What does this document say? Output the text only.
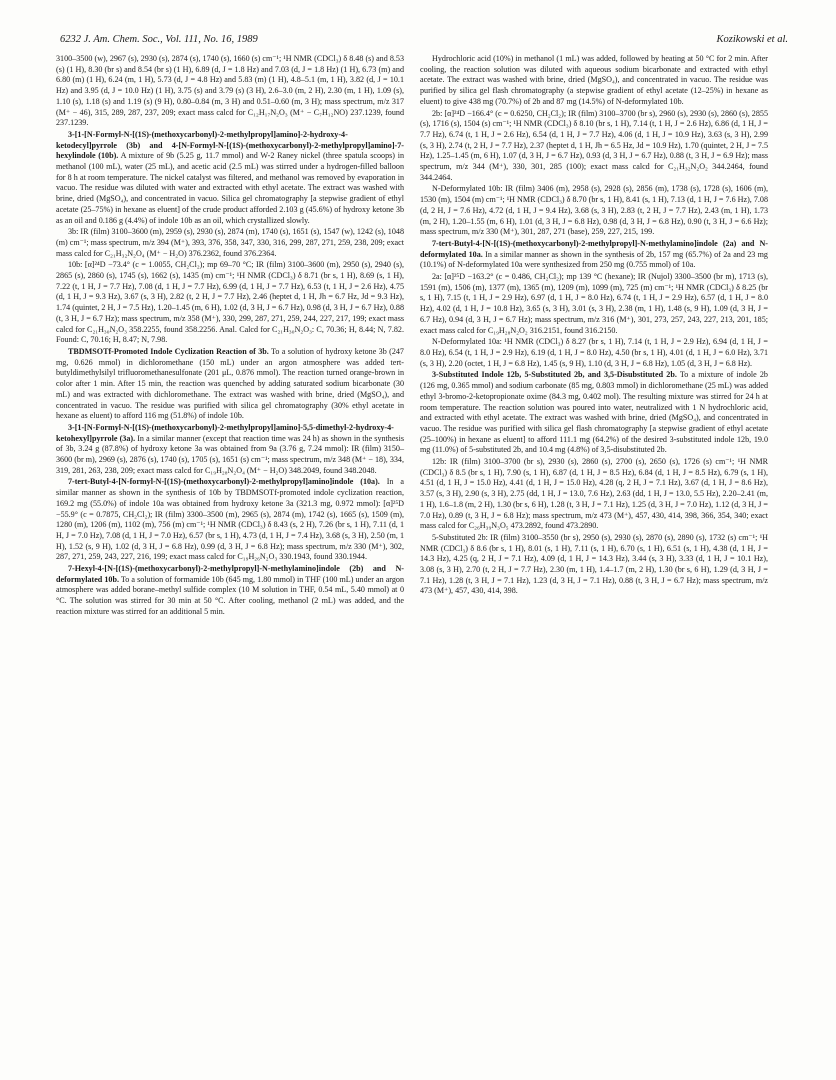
6232 J. Am. Chem. Soc., Vol. 111, No. 16, 1989	Kozikowski et al.

3100–3500 (w), 2967 (s), 2930 (s), 2874 (s), 1740 (s), 1660 (s) cm⁻¹; ¹H NMR (CDCl₃) δ 8.48 (s) and 8.53 (s) (1 H), 8.30 (br s) and 8.54 (br s) (1 H), 6.89 (d, J = 1.8 Hz) and 7.03 (d, J = 1.8 Hz) (1 H), 6.73 (m) and 6.80 (m) (1 H), 6.24 (m, 1 H), 5.73 (d, J = 4.8 Hz) and 5.83 (m) (1 H), 4.8–5.1 (m, 1 H), 3.82 (d, J = 10.1 Hz) and 3.95 (d, J = 10.0 Hz) (1 H), 3.75 (s) and 3.79 (s) (3 H), 2.6–3.0 (m, 2 H), 2.30 (m, 1 H), 1.09 (s), 1.10 (s), 1.18 (s) and 1.19 (s) (9 H), 0.80–0.84 (m, 3 H) and 0.51–0.60 (m, 3 H); mass spectrum, m/z 317 (M⁺ − 46), 315, 289, 287, 237, 209; exact mass calcd for C₁₂H₁₇N₂O₃ (M⁺ − C₇H₁₂NO) 237.1239, found 237.1239.

3-[1-[N-Formyl-N-[(1S)-(methoxycarbonyl)-2-methylpropyl]amino]-2-hydroxy-4-ketodecyl]pyrrole (3b) and 4-[N-Formyl-N-[(1S)-(methoxycarbonyl)-2-methylpropyl]amino]-7-hexylindole (10b). A mixture of 9b (5.25 g, 11.7 mmol) and W-2 Raney nickel (three spatula scoops) in methanol (100 mL), water (25 mL), and acetic acid (2.5 mL) was stirred under a hydrogen-filled balloon for 8 h at room temperature. The nickel catalyst was filtered, and methanol was removed by evaporation in vacuo. The residue was diluted with water and extracted with ethyl acetate. The extract was washed with brine, dried (MgSO₄), and concentrated in vacuo. Silica gel chromatography [a stepwise gradient of ethyl acetate (25–75%) in hexane as eluent] of the crude product afforded 2.103 g (45.6%) of hydroxy ketone 3b as an oil and 0.186 g (4.4%) of indole 10b as an oil, which crystallized slowly.

3b: IR (film) 3100–3600 (m), 2959 (s), 2930 (s), 2874 (m), 1740 (s), 1651 (s), 1547 (w), 1242 (s), 1048 (m) cm⁻¹; mass spectrum, m/z 394 (M⁺), 393, 376, 358, 347, 330, 316, 299, 287, 271, 259, 238, 209; exact mass calcd for C₂₁H₃₂N₂O₄ (M⁺ − H₂O) 376.2362, found 376.2364.

10b: [α]²⁴D −73.4° (c = 1.0055, CH₂Cl₂); mp 69–70 °C; IR (film) 3100–3600 (m), 2950 (s), 2940 (s), 2865 (s), 2860 (s), 1745 (s), 1662 (s), 1435 (m) cm⁻¹; ¹H NMR (CDCl₃) δ 8.71 (br s, 1 H), 8.69 (s, 1 H), 7.22 (t, 1 H, J = 7.7 Hz), 7.08 (d, 1 H, J = 7.7 Hz), 6.99 (d, 1 H, J = 7.7 Hz), 6.53 (t, 1 H, J = 2.6 Hz), 4.75 (d, 1 H, J = 9.3 Hz), 3.67 (s, 3 H), 2.82 (t, 2 H, J = 7.7 Hz), 2.46 (heptet d, 1 H, Jh = 6.7 Hz, Jd = 9.3 Hz), 1.74 (quintet, 2 H, J = 7.5 Hz), 1.20–1.45 (m, 6 H), 1.02 (d, 3 H, J = 6.7 Hz), 0.98 (d, 3 H, J = 6.7 Hz), 0.88 (t, 3 H, J = 6.7 Hz); mass spectrum, m/z 358 (M⁺), 330, 299, 287, 271, 259, 244, 227, 217, 199; exact mass calcd for C₂₁H₃₀N₂O₃ 358.2255, found 358.2256. Anal. Calcd for C₂₁H₃₀N₂O₃: C, 70.36; H, 8.44; N, 7.82. Found: C, 70.16; H, 8.47; N, 7.98.

TBDMSOTf-Promoted Indole Cyclization Reaction of 3b. To a solution of hydroxy ketone 3b (247 mg, 0.626 mmol) in dichloromethane (150 mL) under an argon atmosphere was added tert-butyldimethylsilyl trifluoromethanesulfonate (201 μL, 0.876 mmol). The reaction turned orange-brown in color after 1 min. After 15 min, the reaction was quenched by adding saturated sodium bicarbonate (30 mL) and was extracted with dichloromethane. The extract was washed with brine, dried (MgSO₄), and concentrated in vacuo. The residue was purified with silica gel chromatography (30% ethyl acetate in hexane as eluent) to afford 116 mg (51.8%) of indole 10b.

3-[1-[N-Formyl-N-[(1S)-(methoxycarbonyl)-2-methylpropyl]amino]-5,5-dimethyl-2-hydroxy-4-ketohexyl]pyrrole (3a). In a similar manner (except that reaction time was 24 h) as shown in the synthesis of 3b, 3.24 g (87.8%) of hydroxy ketone 3a was obtained from 9a (3.76 g, 7.24 mmol): IR (film) 3150–3600 (br m), 2969 (s), 2876 (s), 1740 (s), 1705 (s), 1651 (s) cm⁻¹; mass spectrum, m/z 348 (M⁺ − 18), 334, 319, 281, 263, 238, 209; exact mass calcd for C₁₉H₂₈N₂O₄ (M⁺ − H₂O) 348.2049, found 348.2048.

7-tert-Butyl-4-[N-formyl-N-[(1S)-(methoxycarbonyl)-2-methylpropyl]amino]indole (10a). In a similar manner as shown in the synthesis of 10b by TBDMSOTf-promoted indole cyclization reaction, 169.2 mg (55.0%) of indole 10a was obtained from hydroxy ketone 3a (321.3 mg, 0.972 mmol): [α]²⁵D −55.9° (c = 0.7875, CH₂Cl₂); IR (film) 3300–3500 (m), 2965 (s), 2874 (m), 1742 (s), 1665 (s), 1509 (m), 1280 (m), 1206 (m), 1102 (m), 756 (m) cm⁻¹; ¹H NMR (CDCl₃) δ 8.43 (s, 2 H), 7.26 (br s, 1 H), 7.11 (d, 1 H, J = 7.0 Hz), 7.08 (d, 1 H, J = 7.0 Hz), 6.57 (br s, 1 H), 4.73 (d, 1 H, J = 7.4 Hz), 3.68 (s, 3 H), 2.50 (m, 1 H), 1.52 (s, 9 H), 1.02 (d, 3 H, J = 6.8 Hz), 0.99 (d, 3 H, J = 6.8 Hz); mass spectrum, m/z 330 (M⁺), 302, 287, 271, 259, 243, 227, 216, 199; exact mass calcd for C₁₉H₂₆N₂O₃ 330.1943, found 330.1944.

7-Hexyl-4-[N-[(1S)-(methoxycarbonyl)-2-methylpropyl]-N-methylamino]indole (2b) and N-deformylated 10b. To a solution of formamide 10b (645 mg, 1.80 mmol) in THF (100 mL) under an argon atmosphere was added borane–methyl sulfide complex (10 M solution in THF, 0.54 mL, 5.40 mmol) at 0 °C. The solution was stirred for 30 min at 50 °C. After cooling, methanol (2 mL) was added, and the reaction mixture was stirred for an additional 5 min.

Hydrochloric acid (10%) in methanol (1 mL) was added, followed by heating at 50 °C for 2 min. After cooling, the reaction solution was diluted with aqueous sodium bicarbonate and extracted with ethyl acetate. The extract was washed with brine, dried (MgSO₄), and concentrated in vacuo. The residue was purified by silica gel flash chromatography (a stepwise gradient of ethyl acetate (12–25%) in hexane as eluent) to give 438 mg (70.7%) of 2b and 87 mg (14.5%) of N-deformylated 10b.

2b: [α]²⁴D −166.4° (c = 0.6250, CH₂Cl₂); IR (film) 3100–3700 (br s), 2960 (s), 2930 (s), 2860 (s), 2855 (s), 1716 (s), 1504 (s) cm⁻¹; ¹H NMR (CDCl₃) δ 8.10 (br s, 1 H), 7.14 (t, 1 H, J = 2.6 Hz), 6.86 (d, 1 H, J = 7.7 Hz), 6.74 (t, 1 H, J = 2.6 Hz), 6.54 (d, 1 H, J = 7.7 Hz), 4.06 (d, 1 H, J = 10.9 Hz), 3.63 (s, 3 H), 2.99 (s, 3 H), 2.74 (t, 2 H, J = 7.7 Hz), 2.37 (heptet d, 1 H, Jh = 6.5 Hz, Jd = 10.9 Hz), 1.70 (quintet, 2 H, J = 7.5 Hz), 1.25–1.45 (m, 6 H), 1.07 (d, 3 H, J = 6.7 Hz), 0.93 (d, 3 H, J = 6.7 Hz), 0.88 (t, 3 H, J = 6.9 Hz); mass spectrum, m/z 344 (M⁺), 330, 301, 285 (100); exact mass calcd for C₂₁H₃₂N₂O₂ 344.2464, found 344.2464.

N-Deformylated 10b: IR (film) 3406 (m), 2958 (s), 2928 (s), 2856 (m), 1738 (s), 1728 (s), 1606 (m), 1530 (m), 1504 (m) cm⁻¹; ¹H NMR (CDCl₃) δ 8.70 (br s, 1 H), 8.41 (s, 1 H), 7.13 (d, 1 H, J = 7.6 Hz), 7.08 (d, 2 H, J = 7.6 Hz), 4.72 (d, 1 H, J = 9.4 Hz), 3.68 (s, 3 H), 2.83 (t, 2 H, J = 7.7 Hz), 2.43 (m, 1 H), 1.73 (m, 2 H), 1.20–1.55 (m, 6 H), 1.01 (d, 3 H, J = 6.8 Hz), 0.98 (d, 3 H, J = 6.8 Hz), 0.90 (t, 3 H, J = 6.6 Hz); mass spectrum, m/z 330 (M⁺), 301, 287, 271 (base), 259, 227, 215, 199.

7-tert-Butyl-4-[N-[(1S)-(methoxycarbonyl)-2-methylpropyl]-N-methylamino]indole (2a) and N-deformylated 10a. In a similar manner as shown in the synthesis of 2b, 157 mg (65.7%) of 2a and 23 mg (10.1%) of N-deformylated 10a were synthesized from 250 mg (0.755 mmol) of 10a.

2a: [α]²⁵D −163.2° (c = 0.486, CH₂Cl₂); mp 139 °C (hexane); IR (Nujol) 3300–3500 (br m), 1713 (s), 1591 (m), 1506 (m), 1377 (m), 1365 (m), 1209 (m), 1099 (m), 725 (m) cm⁻¹; ¹H NMR (CDCl₃) δ 8.25 (br s, 1 H), 7.15 (t, 1 H, J = 2.9 Hz), 6.97 (d, 1 H, J = 8.0 Hz), 6.74 (t, 1 H, J = 2.9 Hz), 6.57 (d, 1 H, J = 8.0 Hz), 4.02 (d, 1 H, J = 10.8 Hz), 3.65 (s, 3 H), 3.01 (s, 3 H), 2.38 (m, 1 H), 1.48 (s, 9 H), 1.09 (d, 3 H, J = 6.7 Hz), 0.94 (d, 3 H, J = 6.7 Hz); mass spectrum, m/z 316 (M⁺), 301, 273, 257, 243, 227, 213, 201, 185; exact mass calcd for C₁₉H₂₈N₂O₂ 316.2151, found 316.2150.

N-Deformylated 10a: ¹H NMR (CDCl₃) δ 8.27 (br s, 1 H), 7.14 (t, 1 H, J = 2.9 Hz), 6.94 (d, 1 H, J = 8.0 Hz), 6.54 (t, 1 H, J = 2.9 Hz), 6.19 (d, 1 H, J = 8.0 Hz), 4.50 (br s, 1 H), 4.01 (d, 1 H, J = 6.0 Hz), 3.71 (s, 3 H), 2.20 (octet, 1 H, J = 6.8 Hz), 1.45 (s, 9 H), 1.10 (d, 3 H, J = 6.8 Hz), 1.05 (d, 3 H, J = 6.8 Hz).

3-Substituted Indole 12b, 5-Substituted 2b, and 3,5-Disubstituted 2b. To a mixture of indole 2b (126 mg, 0.365 mmol) and sodium carbonate (85 mg, 0.803 mmol) in dichloromethane (25 mL) was added ethyl 3-bromo-2-ketopropionate oxime (84.3 mg, 0.402 mol). The resulting mixture was stirred for 24 h at room temperature. The reaction solution was poured into water, neutralized with 1 N hydrochloric acid, and extracted with ethyl acetate. The extract was washed with brine, dried (MgSO₄), and concentrated in vacuo. The residue was purified with silica gel flash chromatography [a stepwise gradient of ethyl acetate (25–100%) in hexane as eluent] to afford 111.1 mg (64.2%) of the desired 3-substituted indole 12b, 19.0 mg (11.0%) of 5-substituted 2b, and 10.4 mg (4.8%) of 3,5-disubstituted 2b.

12b: IR (film) 3100–3700 (br s), 2930 (s), 2860 (s), 2700 (s), 2650 (s), 1726 (s) cm⁻¹; ¹H NMR (CDCl₃) δ 8.5 (br s, 1 H), 7.90 (s, 1 H), 6.87 (d, 1 H, J = 8.5 Hz), 6.84 (d, 1 H, J = 8.5 Hz), 6.79 (s, 1 H), 4.51 (d, 1 H, J = 15.0 Hz), 4.41 (d, 1 H, J = 15.0 Hz), 4.28 (q, 2 H, J = 7.1 Hz), 3.67 (d, 1 H, J = 8.6 Hz), 3.57 (s, 3 H), 2.90 (s, 3 H), 2.75 (dd, 1 H, J = 13.0, 7.6 Hz), 2.63 (dd, 1 H, J = 13.0, 5.5 Hz), 2.20–2.41 (m, 1 H), 1.6–1.8 (m, 2 H), 1.30 (br s, 6 H), 1.28 (t, 3 H, J = 7.1 Hz), 1.25 (d, 3 H, J = 7.0 Hz), 1.12 (d, 3 H, J = 7.0 Hz), 0.89 (t, 3 H, J = 6.8 Hz); mass spectrum, m/z 473 (M⁺), 457, 430, 414, 398, 366, 354, 340; exact mass calcd for C₂₆H₃₉N₃O₅ 473.2892, found 473.2890.

5-Substituted 2b: IR (film) 3100–3550 (br s), 2950 (s), 2930 (s), 2870 (s), 2890 (s), 1732 (s) cm⁻¹; ¹H NMR (CDCl₃) δ 8.6 (br s, 1 H), 8.01 (s, 1 H), 7.11 (s, 1 H), 6.70 (s, 1 H), 6.51 (s, 1 H), 4.38 (d, 1 H, J = 14.3 Hz), 4.25 (q, 2 H, J = 7.1 Hz), 4.09 (d, 1 H, J = 14.3 Hz), 3.44 (s, 3 H), 3.33 (d, 1 H, J = 10.1 Hz), 3.08 (s, 3 H), 2.70 (t, 2 H, J = 7.7 Hz), 2.30 (m, 1 H), 1.4–1.7 (m, 2 H), 1.30 (br s, 6 H), 1.29 (d, 3 H, J = 7.1 Hz), 1.28 (t, 3 H, J = 7.1 Hz), 1.23 (d, 3 H, J = 7.1 Hz), 0.88 (t, 3 H, J = 6.7 Hz); mass spectrum, m/z 473 (M⁺), 457, 430, 414, 398.
